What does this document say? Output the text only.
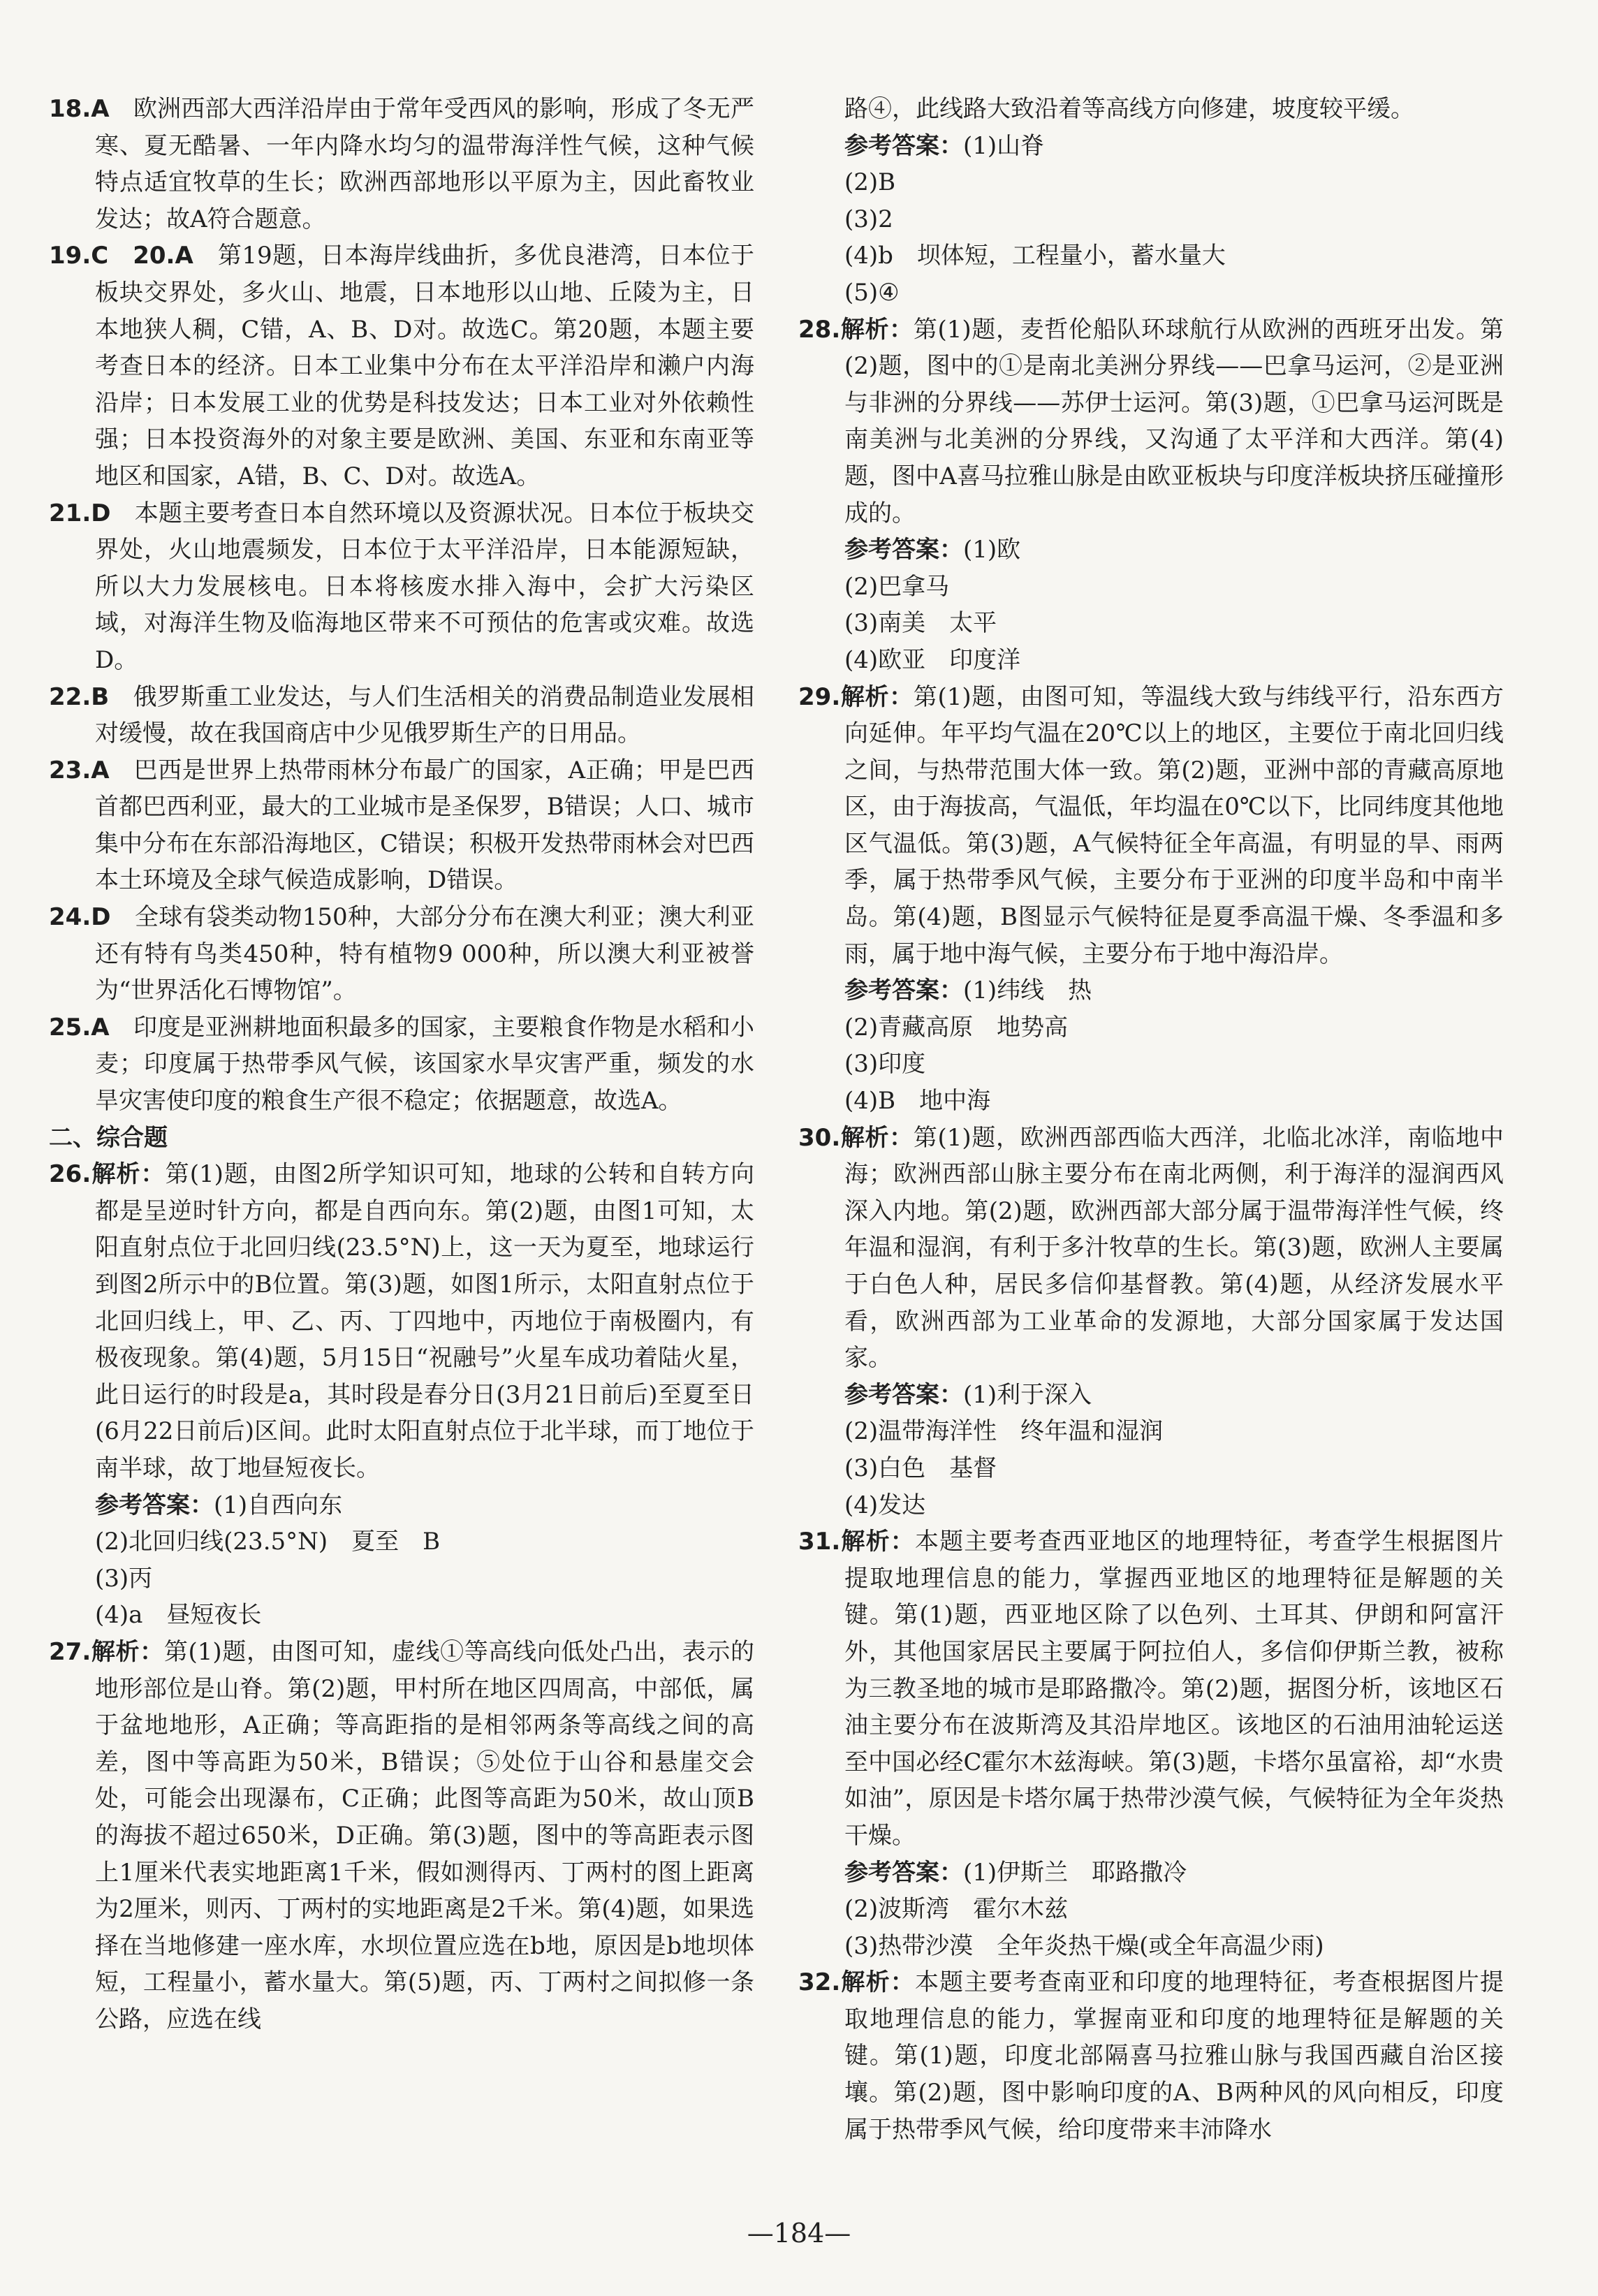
18.A　 欧洲西部大西洋沿岸由于常年受西风的影响，形成了冬无严寒、夏无酷暑、一年内降水均匀的温带海洋性气候，这种气候特点适宜牧草的生长；欧洲西部地形以平原为主，因此畜牧业发达；故A符合题意。

19.C　20.A　 第19题，日本海岸线曲折，多优良港湾，日本位于板块交界处，多火山、地震，日本地形以山地、丘陵为主，日本地狭人稠，C错，A、B、D对。故选C。第20题，本题主要考查日本的经济。日本工业集中分布在太平洋沿岸和濑户内海沿岸；日本发展工业的优势是科技发达；日本工业对外依赖性强；日本投资海外的对象主要是欧洲、美国、东亚和东南亚等地区和国家，A错，B、C、D对。故选A。

21.D　 本题主要考查日本自然环境以及资源状况。日本位于板块交界处，火山地震频发，日本位于太平洋沿岸，日本能源短缺，所以大力发展核电。日本将核废水排入海中，会扩大污染区域，对海洋生物及临海地区带来不可预估的危害或灾难。故选D。

22.B　 俄罗斯重工业发达，与人们生活相关的消费品制造业发展相对缓慢，故在我国商店中少见俄罗斯生产的日用品。

23.A　 巴西是世界上热带雨林分布最广的国家，A正确；甲是巴西首都巴西利亚，最大的工业城市是圣保罗，B错误；人口、城市集中分布在东部沿海地区，C错误；积极开发热带雨林会对巴西本土环境及全球气候造成影响，D错误。

24.D　 全球有袋类动物150种，大部分分布在澳大利亚；澳大利亚还有特有鸟类450种，特有植物9 000种，所以澳大利亚被誉为“世界活化石博物馆”。

25.A　 印度是亚洲耕地面积最多的国家，主要粮食作物是水稻和小麦；印度属于热带季风气候，该国家水旱灾害严重，频发的水旱灾害使印度的粮食生产很不稳定；依据题意，故选A。

二、综合题

26.解析：第(1)题，由图2所学知识可知，地球的公转和自转方向都是呈逆时针方向，都是自西向东。第(2)题，由图1可知，太阳直射点位于北回归线(23.5°N)上，这一天为夏至，地球运行到图2所示中的B位置。第(3)题，如图1所示，太阳直射点位于北回归线上，甲、乙、丙、丁四地中，丙地位于南极圈内，有极夜现象。第(4)题，5月15日“祝融号”火星车成功着陆火星，此日运行的时段是a，其时段是春分日(3月21日前后)至夏至日(6月22日前后)区间。此时太阳直射点位于北半球，而丁地位于南半球，故丁地昼短夜长。

参考答案：(1)自西向东

(2)北回归线(23.5°N)　夏至　B

(3)丙

(4)a　昼短夜长

27.解析：第(1)题，由图可知，虚线①等高线向低处凸出，表示的地形部位是山脊。第(2)题，甲村所在地区四周高，中部低，属于盆地地形，A正确；等高距指的是相邻两条等高线之间的高差，图中等高距为50米，B错误；⑤处位于山谷和悬崖交会处，可能会出现瀑布，C正确；此图等高距为50米，故山顶B的海拔不超过650米，D正确。第(3)题，图中的等高距表示图上1厘米代表实地距离1千米，假如测得丙、丁两村的图上距离为2厘米，则丙、丁两村的实地距离是2千米。第(4)题，如果选择在当地修建一座水库，水坝位置应选在b地，原因是b地坝体短，工程量小，蓄水量大。第(5)题，丙、丁两村之间拟修一条公路，应选在线

路④，此线路大致沿着等高线方向修建，坡度较平缓。

参考答案：(1)山脊

(2)B

(3)2

(4)b　坝体短，工程量小，蓄水量大

(5)④

28.解析：第(1)题，麦哲伦船队环球航行从欧洲的西班牙出发。第(2)题，图中的①是南北美洲分界线——巴拿马运河，②是亚洲与非洲的分界线——苏伊士运河。第(3)题，①巴拿马运河既是南美洲与北美洲的分界线，又沟通了太平洋和大西洋。第(4)题，图中A喜马拉雅山脉是由欧亚板块与印度洋板块挤压碰撞形成的。

参考答案：(1)欧

(2)巴拿马

(3)南美　太平

(4)欧亚　印度洋

29.解析：第(1)题，由图可知，等温线大致与纬线平行，沿东西方向延伸。年平均气温在20℃以上的地区，主要位于南北回归线之间，与热带范围大体一致。第(2)题，亚洲中部的青藏高原地区，由于海拔高，气温低，年均温在0℃以下，比同纬度其他地区气温低。第(3)题，A气候特征全年高温，有明显的旱、雨两季，属于热带季风气候，主要分布于亚洲的印度半岛和中南半岛。第(4)题，B图显示气候特征是夏季高温干燥、冬季温和多雨，属于地中海气候，主要分布于地中海沿岸。

参考答案：(1)纬线　热

(2)青藏高原　地势高

(3)印度

(4)B　地中海

30.解析：第(1)题，欧洲西部西临大西洋，北临北冰洋，南临地中海；欧洲西部山脉主要分布在南北两侧，利于海洋的湿润西风深入内地。第(2)题，欧洲西部大部分属于温带海洋性气候，终年温和湿润，有利于多汁牧草的生长。第(3)题，欧洲人主要属于白色人种，居民多信仰基督教。第(4)题，从经济发展水平看，欧洲西部为工业革命的发源地，大部分国家属于发达国家。

参考答案：(1)利于深入

(2)温带海洋性　终年温和湿润

(3)白色　基督

(4)发达

31.解析：本题主要考查西亚地区的地理特征，考查学生根据图片提取地理信息的能力，掌握西亚地区的地理特征是解题的关键。第(1)题，西亚地区除了以色列、土耳其、伊朗和阿富汗外，其他国家居民主要属于阿拉伯人，多信仰伊斯兰教，被称为三教圣地的城市是耶路撒冷。第(2)题，据图分析，该地区石油主要分布在波斯湾及其沿岸地区。该地区的石油用油轮运送至中国必经C霍尔木兹海峡。第(3)题，卡塔尔虽富裕，却“水贵如油”，原因是卡塔尔属于热带沙漠气候，气候特征为全年炎热干燥。

参考答案：(1)伊斯兰　耶路撒冷

(2)波斯湾　霍尔木兹

(3)热带沙漠　全年炎热干燥(或全年高温少雨)

32.解析：本题主要考查南亚和印度的地理特征，考查根据图片提取地理信息的能力，掌握南亚和印度的地理特征是解题的关键。第(1)题，印度北部隔喜马拉雅山脉与我国西藏自治区接壤。第(2)题，图中影响印度的A、B两种风的风向相反，印度属于热带季风气候，给印度带来丰沛降水

—184—
